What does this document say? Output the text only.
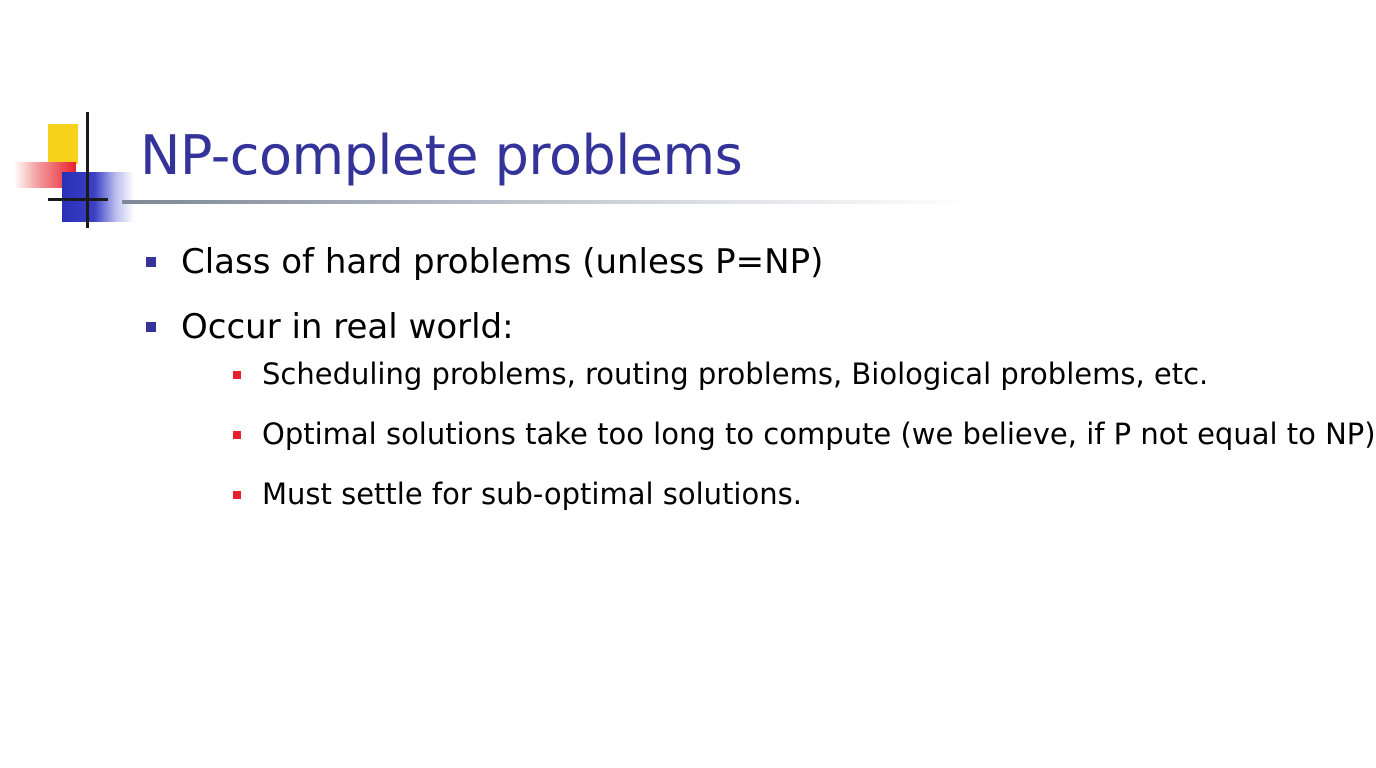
NP-complete problems
Class of hard problems (unless P=NP)
Occur in real world:
Scheduling problems, routing problems, Biological problems, etc.
Optimal solutions take too long to compute (we believe, if P not equal to NP)
Must settle for sub-optimal solutions.
